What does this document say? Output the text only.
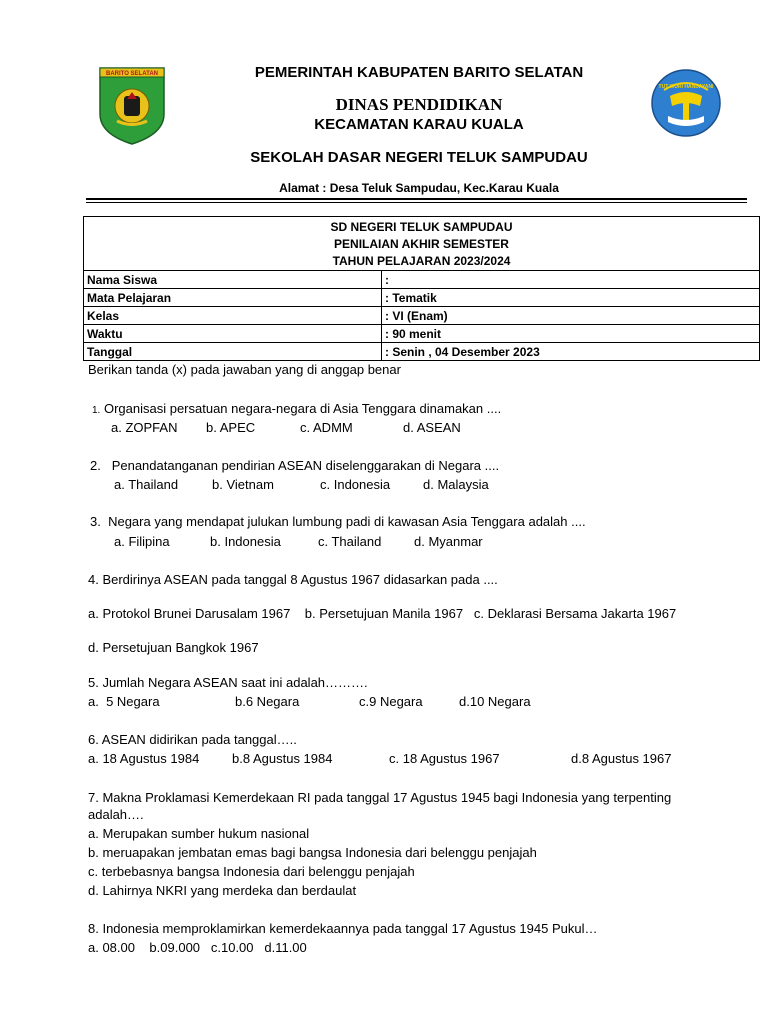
BARITO SELATAN
TUT WURI HANDAYANI
PEMERINTAH KABUPATEN BARITO SELATAN
DINAS PENDIDIKAN
KECAMATAN KARAU KUALA
SEKOLAH DASAR NEGERI TELUK SAMPUDAU
Alamat : Desa Teluk Sampudau, Kec.Karau Kuala
SD NEGERI TELUK SAMPUDAU
PENILAIAN AKHIR SEMESTER
TAHUN PELAJARAN 2023/2024	

Nama Siswa	:
Mata Pelajaran	: Tematik
Kelas	: VI (Enam)
Waktu	: 90 menit
Tanggal	: Senin , 04 Desember 2023
Berikan tanda (x) pada jawaban yang di anggap benar
1. Organisasi persatuan negara-negara di Asia Tenggara dinamakan ....
a. ZOPFAN b. APEC	c. ADMM	d. ASEAN
2. Penandatanganan pendirian ASEAN diselenggarakan di Negara ....
a. Thailand	b. Vietnam	c. Indonesia	d. Malaysia
3. Negara yang mendapat julukan lumbung padi di kawasan Asia Tenggara adalah ....
a. Filipina	b. Indonesia	c. Thailand	d. Myanmar
4. Berdirinya ASEAN pada tanggal 8 Agustus 1967 didasarkan pada ....
a. Protokol Brunei Darusalam 1967    b. Persetujuan Manila 1967   c. Deklarasi Bersama Jakarta 1967
d. Persetujuan Bangkok 1967
5. Jumlah Negara ASEAN saat ini adalah……….
a.  5 Negara	b.6 Negara	c.9 Negara	d.10 Negara
6. ASEAN didirikan pada tanggal…..
a. 18 Agustus 1984	b.8 Agustus 1984	c. 18 Agustus 1967	d.8 Agustus 1967
7. Makna Proklamasi Kemerdekaan RI pada tanggal 17 Agustus 1945 bagi Indonesia yang terpenting
adalah….
a. Merupakan sumber hukum nasional
b. meruapakan jembatan emas bagi bangsa Indonesia dari belenggu penjajah
c. terbebasnya bangsa Indonesia dari belenggu penjajah
d. Lahirnya NKRI yang merdeka dan berdaulat
8. Indonesia memproklamirkan kemerdekaannya pada tanggal 17 Agustus 1945 Pukul…
a. 08.00    b.09.000   c.10.00   d.11.00
